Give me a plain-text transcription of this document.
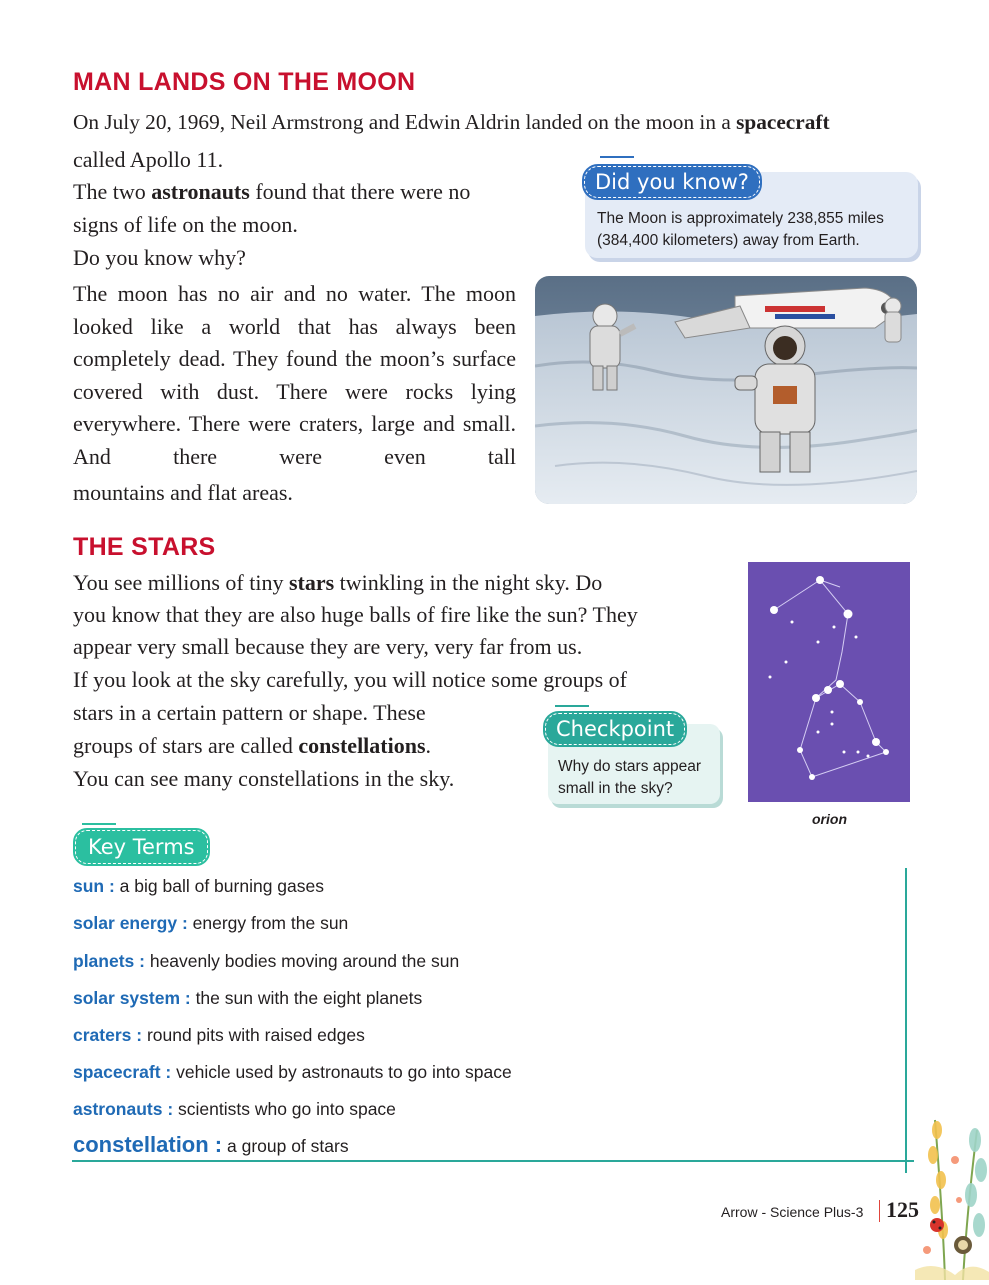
MAN LANDS ON THE MOON
On July 20, 1969, Neil Armstrong and Edwin Aldrin landed on the moon in a spacecraft
called Apollo 11.
The two astronauts found that there were no
signs of life on the moon.
Do you know why?
The moon has no air and no water. The moon looked like a world that has always been completely dead. They found the moon’s surface covered with dust. There were rocks lying everywhere. There were craters, large and small. And there were even tall
mountains and flat areas.
The Moon is approximately 238,855 miles (384,400 kilometers) away from Earth.
Did you know?
THE STARS
You see millions of tiny stars twinkling in the night sky. Do
you know that they are also huge balls of fire like the sun? They
appear very small because they are very, very far from us.
If you look at the sky carefully, you will notice some groups of
stars in a certain pattern or shape. These
groups of stars are called constellations.
You can see many constellations in the sky.	Why do stars appear small in the sky?
Checkpoint
orion
Key Terms
sun : a big ball of burning gases
solar energy : energy from the sun
planets : heavenly bodies moving around the sun
solar system : the sun with the eight planets
craters : round pits with raised edges
spacecraft : vehicle used by astronauts to go into space
astronauts : scientists who go into space
constellation : a group of stars
Arrow - Science Plus-3 125
